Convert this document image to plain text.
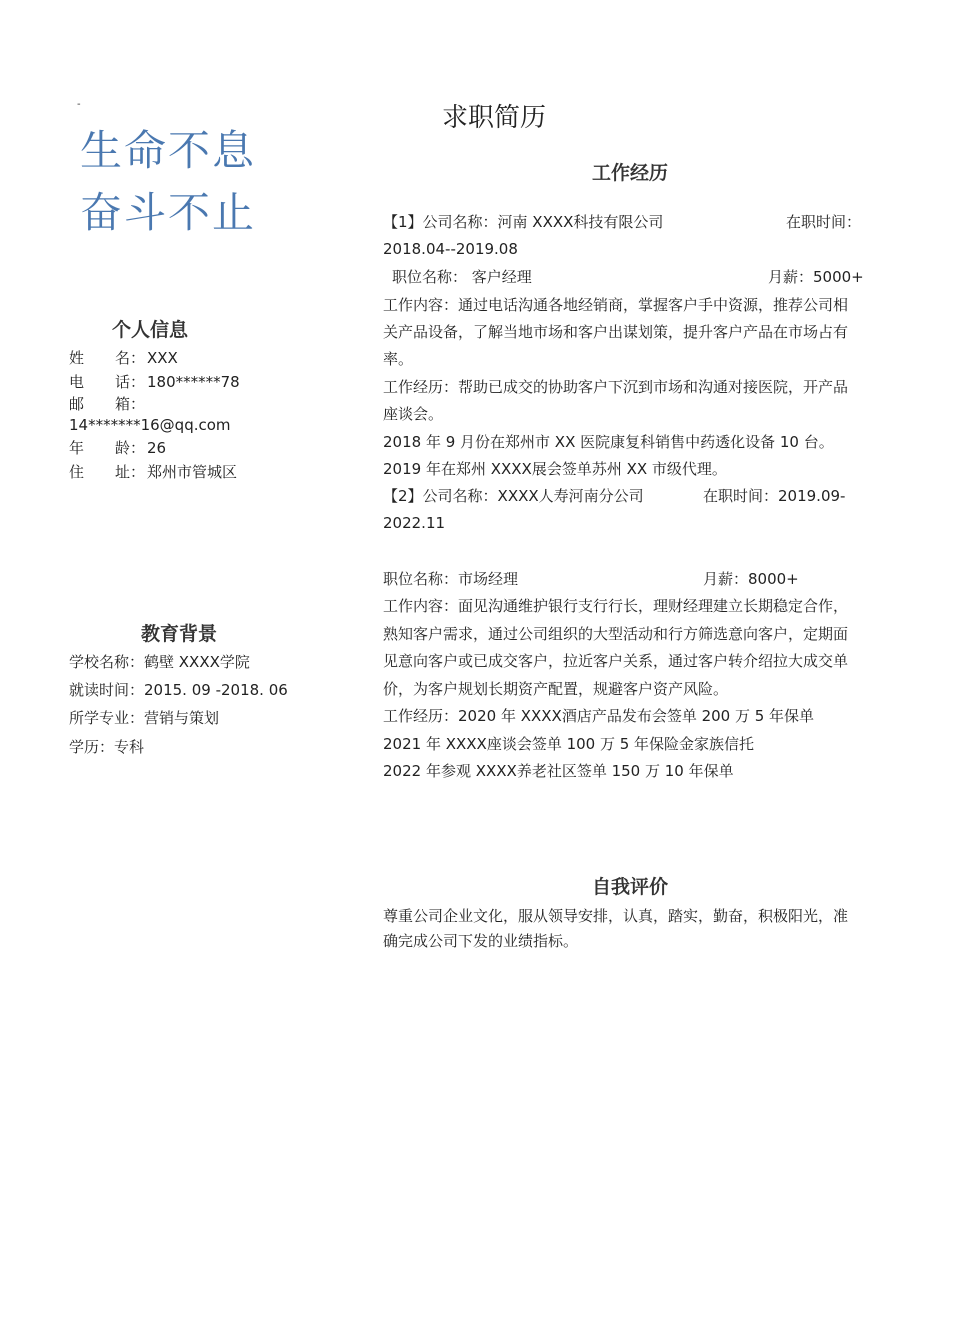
-
生命不息
奋斗不止
求职简历
个人信息
姓 名： XXX
电 话： 180******78
邮 箱：
14*******16@qq.com
年 龄： 26
住 址： 郑州市管城区
教育背景
学校名称：鹤壁 XXXX学院
就读时间：2015. 09 -2018. 06
所学专业：营销与策划
学历：专科
工作经历
【1】公司名称：河南 XXXX科技有限公司	在职时间：
2018.04--2019.08
职位名称： 客户经理	月薪：5000+
工作内容：通过电话沟通各地经销商，掌握客户手中资源，推荐公司相
关产品设备，了解当地市场和客户出谋划策，提升客户产品在市场占有
率。
工作经历：帮助已成交的协助客户下沉到市场和沟通对接医院，开产品
座谈会。
2018 年 9 月份在郑州市 XX 医院康复科销售中药透化设备 10 台。
2019 年在郑州 XXXX展会签单苏州 XX 市级代理。
【2】公司名称：XXXX人寿河南分公司	在职时间：2019.09-
2022.11
职位名称：市场经理	月薪：8000+
工作内容：面见沟通维护银行支行行长，理财经理建立长期稳定合作，
熟知客户需求，通过公司组织的大型活动和行方筛选意向客户，定期面
见意向客户或已成交客户，拉近客户关系，通过客户转介绍拉大成交单
价，为客户规划长期资产配置，规避客户资产风险。
工作经历：2020 年 XXXX酒店产品发布会签单 200 万 5 年保单
2021 年 XXXX座谈会签单 100 万 5 年保险金家族信托
2022 年参观 XXXX养老社区签单 150 万 10 年保单
自我评价
尊重公司企业文化，服从领导安排，认真，踏实，勤奋，积极阳光，准
确完成公司下发的业绩指标。
